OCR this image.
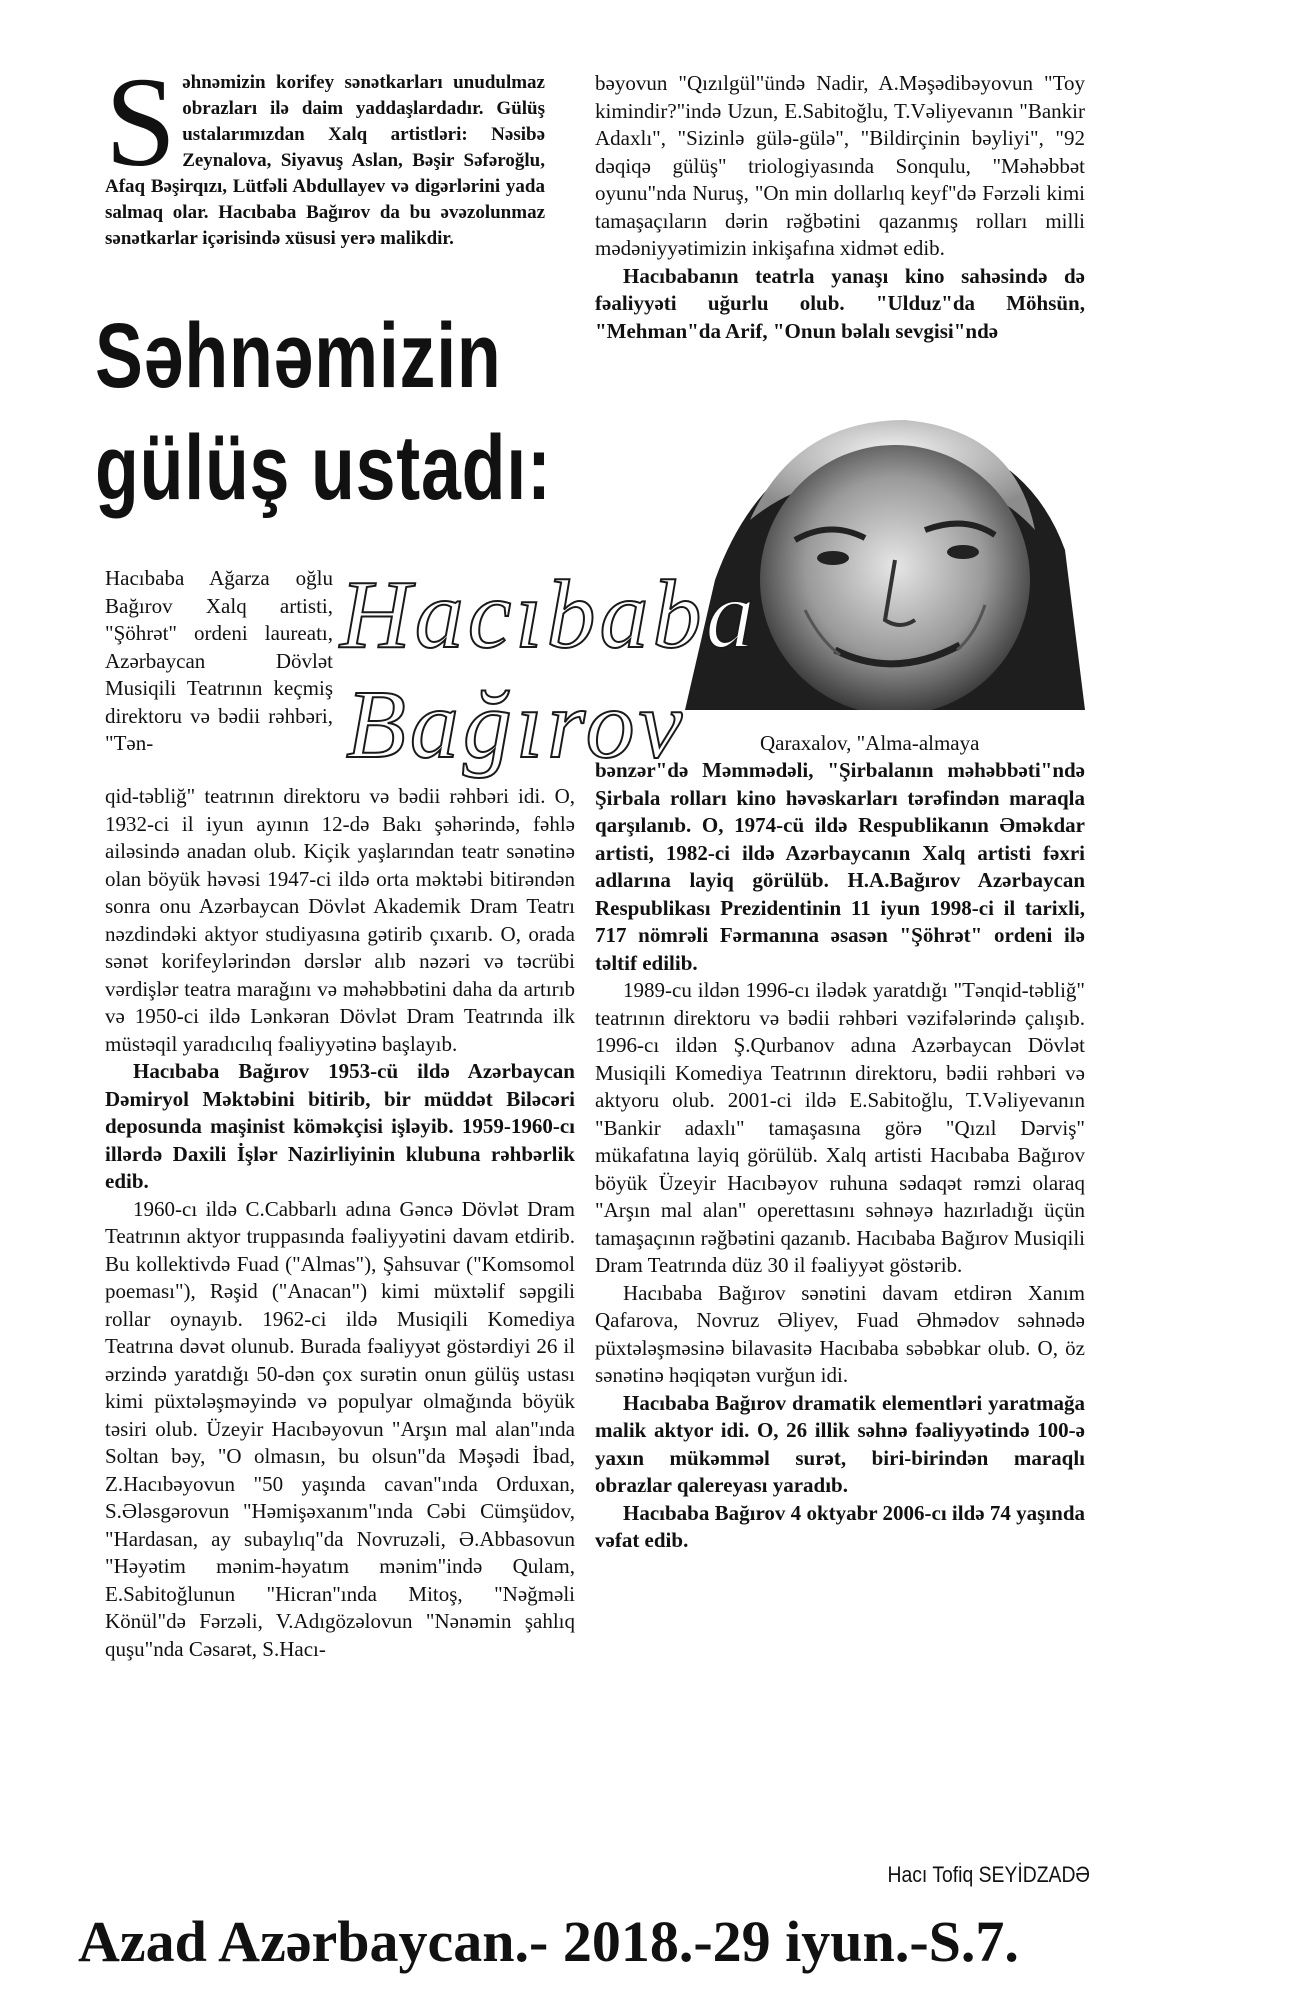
S əhnəmizin korifey sənətkarları unudulmaz obrazları ilə daim yaddaşlardadır. Gülüş ustalarımızdan Xalq artistləri: Nəsibə Zeynalova, Siyavuş Aslan, Bəşir Səfəroğlu, Afaq Bəşirqızı, Lütfəli Abdullayev və digərlərini yada salmaq olar. Hacıbaba Bağırov da bu əvəzolunmaz sənətkarlar içərisində xüsusi yerə malikdir.
Səhnəmizin
gülüş ustadı:

bəyovun "Qızılgül"ündə Nadir, A.Məşədibəyovun "Toy kimindir?"ində Uzun, E.Sabitoğlu, T.Vəliyevanın "Bankir Adaxlı", "Sizinlə gülə-gülə", "Bildirçinin bəyliyi", "92 dəqiqə gülüş" triologiyasında Sonqulu, "Məhəbbət oyunu"nda Nuruş, "On min dollarlıq keyf"də Fərzəli kimi tamaşaçıların dərin rəğbətini qazanmış rolları milli mədəniyyətimizin inkişafına xidmət edib.

Hacıbabanın teatrla yanaşı kino sahəsində də fəaliyyəti uğurlu olub. "Ulduz"da Möhsün, "Mehman"da Arif, "Onun bəlalı sevgisi"ndə

Hacıbaba
Bağırov

Hacıbaba Ağarza oğlu Bağırov Xalq artisti, "Şöhrət" ordeni laureatı, Azərbaycan Dövlət Musiqili Teatrının keçmiş direktoru və bədii rəhbəri, "Tən-

qid-təbliğ" teatrının direktoru və bədii rəhbəri idi. O, 1932-ci il iyun ayının 12-də Bakı şəhərində, fəhlə ailəsində anadan olub. Kiçik yaşlarından teatr sənətinə olan böyük həvəsi 1947-ci ildə orta məktəbi bitirəndən sonra onu Azərbaycan Dövlət Akademik Dram Teatrı nəzdindəki aktyor studiyasına gətirib çıxarıb. O, orada sənət korifeylərindən dərslər alıb nəzəri və təcrübi vərdişlər teatra marağını və məhəbbətini daha da artırıb və 1950-ci ildə Lənkəran Dövlət Dram Teatrında ilk müstəqil yaradıcılıq fəaliyyətinə başlayıb.

Hacıbaba Bağırov 1953-cü ildə Azərbaycan Dəmiryol Məktəbini bitirib, bir müddət Biləcəri deposunda maşinist köməkçisi işləyib. 1959-1960-cı illərdə Daxili İşlər Nazirliyinin klubuna rəhbərlik edib.

1960-cı ildə C.Cabbarlı adına Gəncə Dövlət Dram Teatrının aktyor truppasında fəaliyyətini davam etdirib. Bu kollektivdə Fuad ("Almas"), Şahsuvar ("Komsomol poeması"), Rəşid ("Anacan") kimi müxtəlif səpgili rollar oynayıb. 1962-ci ildə Musiqili Komediya Teatrına dəvət olunub. Burada fəaliyyət göstərdiyi 26 il ərzində yaratdığı 50-dən çox surətin onun gülüş ustası kimi püxtələşməyində və populyar olmağında böyük təsiri olub. Üzeyir Hacıbəyovun "Arşın mal alan"ında Soltan bəy, "O olmasın, bu olsun"da Məşədi İbad, Z.Hacıbəyovun "50 yaşında cavan"ında Orduxan, S.Ələsgərovun "Həmişəxanım"ında Cəbi Cümşüdov, "Hardasan, ay subaylıq"da Novruzəli, Ə.Abbasovun "Həyətim mənim-həyatım mənim"ində Qulam, E.Sabitoğlunun "Hicran"ında Mitoş, "Nəğməli Könül"də Fərzəli, V.Adıgözəlovun "Nənəmin şahlıq quşu"nda Cəsarət, S.Hacı-

Qaraxalov, "Alma-almaya

bənzər"də Məmmədəli, "Şirbalanın məhəbbəti"ndə Şirbala rolları kino həvəskarları tərəfindən maraqla qarşılanıb. O, 1974-cü ildə Respublikanın Əməkdar artisti, 1982-ci ildə Azərbaycanın Xalq artisti fəxri adlarına layiq görülüb. H.A.Bağırov Azərbaycan Respublikası Prezidentinin 11 iyun 1998-ci il tarixli, 717 nömrəli Fərmanına əsasən "Şöhrət" ordeni ilə təltif edilib.

1989-cu ildən 1996-cı ilədək yaratdığı "Tənqid-təbliğ" teatrının direktoru və bədii rəhbəri vəzifələrində çalışıb. 1996-cı ildən Ş.Qurbanov adına Azərbaycan Dövlət Musiqili Komediya Teatrının direktoru, bədii rəhbəri və aktyoru olub. 2001-ci ildə E.Sabitoğlu, T.Vəliyevanın "Bankir adaxlı" tamaşasına görə "Qızıl Dərviş" mükafatına layiq görülüb. Xalq artisti Hacıbaba Bağırov böyük Üzeyir Hacıbəyov ruhuna sədaqət rəmzi olaraq "Arşın mal alan" operettasını səhnəyə hazırladığı üçün tamaşaçının rəğbətini qazanıb. Hacıbaba Bağırov Musiqili Dram Teatrında düz 30 il fəaliyyət göstərib.

Hacıbaba Bağırov sənətini davam etdirən Xanım Qafarova, Novruz Əliyev, Fuad Əhmədov səhnədə püxtələşməsinə bilavasitə Hacıbaba səbəbkar olub. O, öz sənətinə həqiqətən vurğun idi.

Hacıbaba Bağırov dramatik elementləri yaratmağa malik aktyor idi. O, 26 illik səhnə fəaliyyətində 100-ə yaxın mükəmməl surət, biri-birindən maraqlı obrazlar qalereyası yaradıb.

Hacıbaba Bağırov 4 oktyabr 2006-cı ildə 74 yaşında vəfat edib.

Hacı Tofiq SEYİDZADƏ
Azad Azərbaycan.- 2018.-29 iyun.-S.7.
